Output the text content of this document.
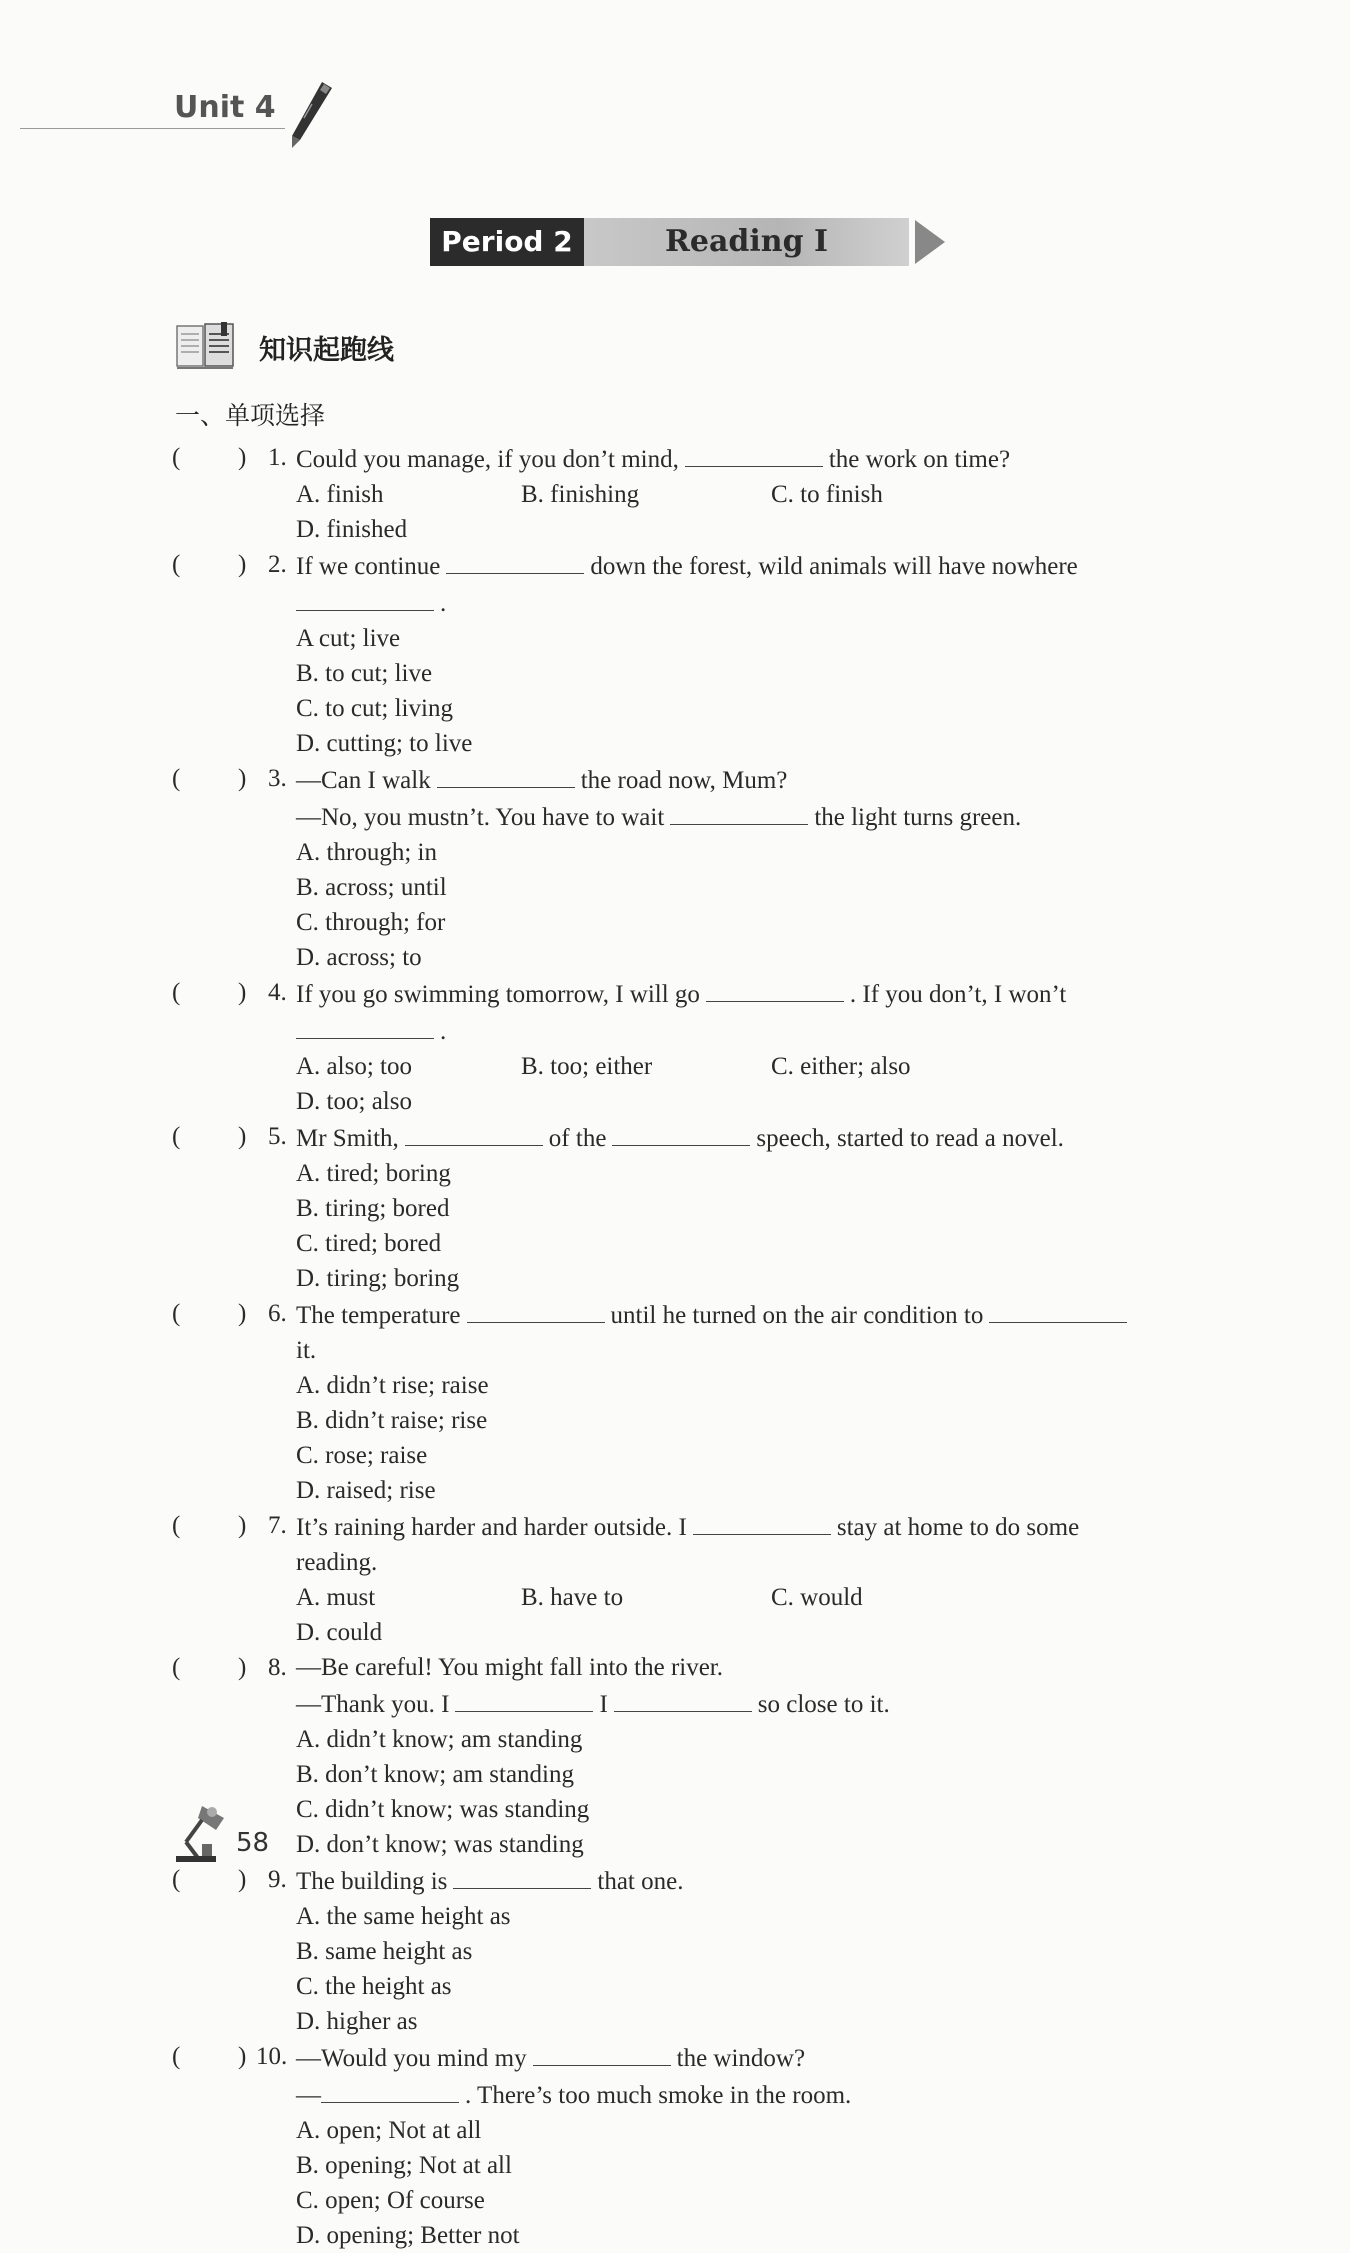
Unit 4
Period 2	Reading I
知识起跑线
一、单项选择
( ) 1. Could you manage, if you don’t mind,	the work on time?
A. finish	B. finishing	C. to finish
D. finished
( ) 2. If we continue	down the forest, wild animals will have nowhere
.
A cut; live
B. to cut; live
C. to cut; living
D. cutting; to live
( ) 3. —Can I walk	the road now, Mum?
—No, you mustn’t. You have to wait	the light turns green.
A. through; in
B. across; until
C. through; for
D. across; to
( ) 4. If you go swimming tomorrow, I will go	. If you don’t, I won’t
.
A. also; too	B. too; either	C. either; also
D. too; also
( ) 5. Mr Smith,	of the	speech, started to read a novel.
A. tired; boring
B. tiring; bored
C. tired; bored
D. tiring; boring
( ) 6. The temperature	until he turned on the air condition to
it.
A. didn’t rise; raise
B. didn’t raise; rise
C. rose; raise
D. raised; rise
( ) 7. It’s raining harder and harder outside. I	stay at home to do some
reading.
A. must	B. have to	C. would
D. could
( ) 8. —Be careful! You might fall into the river.
—Thank you. I	I	so close to it.
A. didn’t know; am standing
B. don’t know; am standing
C. didn’t know; was standing
D. don’t know; was standing
( ) 9. The building is	that one.
A. the same height as
B. same height as
C. the height as
D. higher as
( ) 10. —Would you mind my	the window?
—	. There’s too much smoke in the room.
A. open; Not at all
B. opening; Not at all
C. open; Of course
D. opening; Better not
58
